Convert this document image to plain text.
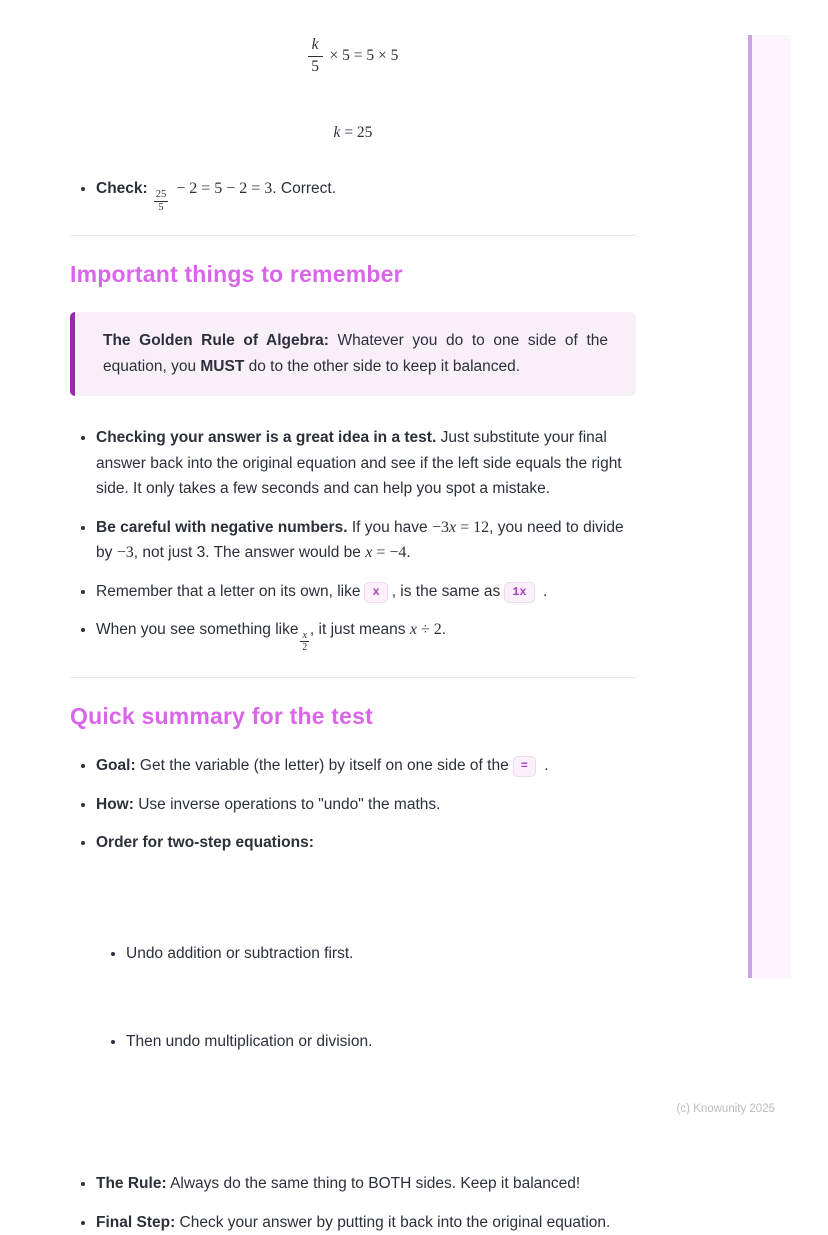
$\frac{k}{5} \times 5 = 5 \times 5$
k = 25
• Check:
$\frac{25}{5}$
− 2 = 5 − 2 = 3. Correct.
Important things to remember

The Golden Rule of Algebra: Whatever you do to one side of the equation, you MUST do to the other side to keep it balanced.

• Checking your answer is a great idea in a test. Just substitute your final answer back into the original equation and see if the left side equals the right side. It only takes a few seconds and can help you spot a mistake.
• Be careful with negative numbers. If you have −3x = 12, you need to divide by −3, not just 3. The answer would be x = −4.
• Remember that a letter on its own, like x , is the same as 1x .
• When you see something like
$\frac{x}{2}$
, it just means x ÷ 2.
Quick summary for the test
• Goal: Get the variable (the letter) by itself on one side of the = .
• How: Use inverse operations to "undo" the maths.
• Order for two-step equations:

• Undo addition or subtraction first.

• Then undo multiplication or division.

• The Rule: Always do the same thing to BOTH sides. Keep it balanced!
• Final Step: Check your answer by putting it back into the original equation.
(c) Knowunity 2025
